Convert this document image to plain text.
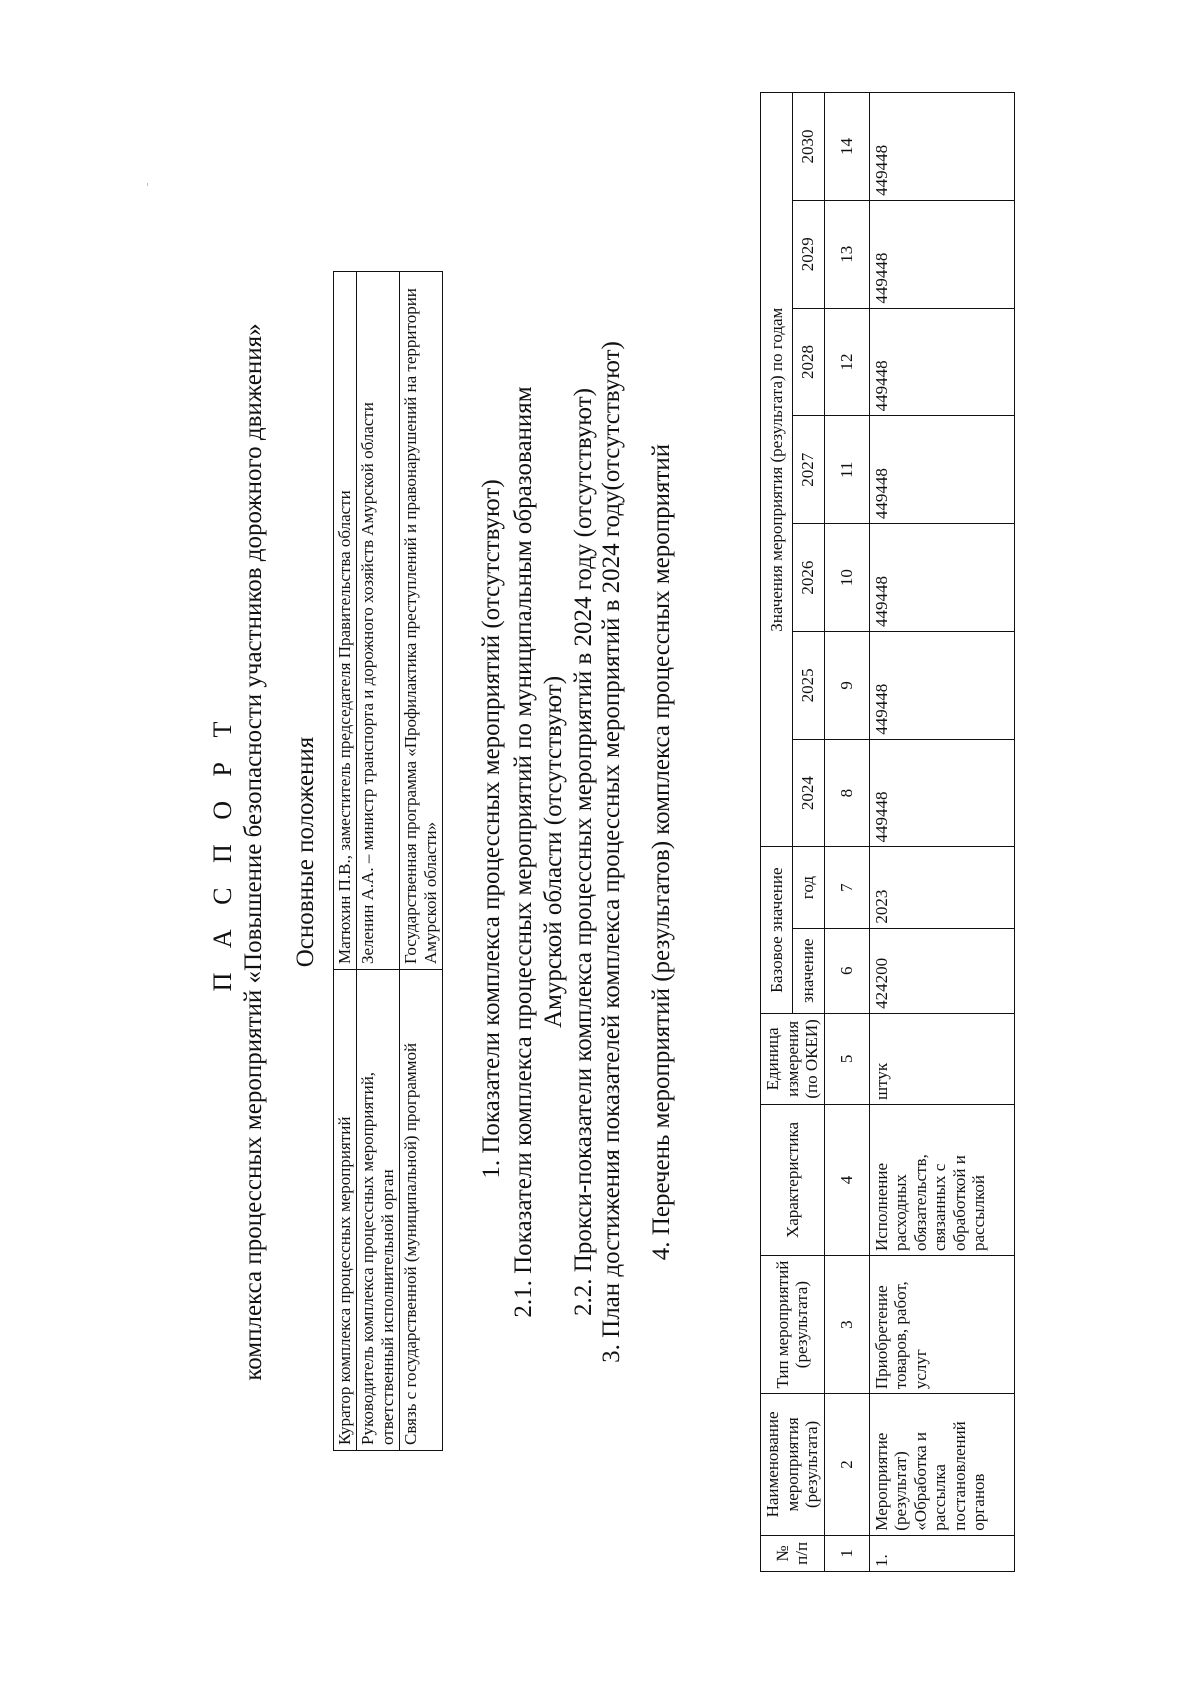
П А С П О Р Т комплекса процессных мероприятий «Повышение безопасности участников дорожного движения» Основные положения
Куратор комплекса процессных мероприятий	Матюхин П.В., заместитель председателя Правительства области
Руководитель комплекса процессных мероприятий, ответственный исполнительной орган	Зеленин А.А. – министр транспорта и дорожного хозяйств Амурской области
Связь с государственной (муниципальной) программой	Государственная программа «Профилактика преступлений и правонарушений на территории Амурской области» 1. Показатели комплекса процессных мероприятий (отсутствуют) 2.1. Показатели комплекса процессных мероприятий по муниципальным образованиям Амурской области (отсутствуют) 2.2. Прокси-показатели комплекса процессных мероприятий в 2024 году (отсутствуют) 3. План достижения показателей комплекса процессных мероприятий в 2024 году(отсутствуют) 4. Перечень мероприятий (результатов) комплекса процессных мероприятий
№ п/п	Наименование мероприятия (результата)	Тип мероприятий (результата)	Характеристика	Единица измерения (по ОКЕИ)	Базовое значение		Значения мероприятия (результата) по годам						
					значение	год	2024	2025	2026	2027	2028	2029	2030
1	2	3	4	5	6	7	8	9	10	11	12	13	14
1.	Мероприятие (результат) «Обработка и рассылка постановлений органов	Приобретение товаров, работ, услуг	Исполнение расходных обязательств, связанных с обработкой и рассылкой	штук	424200	2023	449448	449448	449448	449448	449448	449448	449448
